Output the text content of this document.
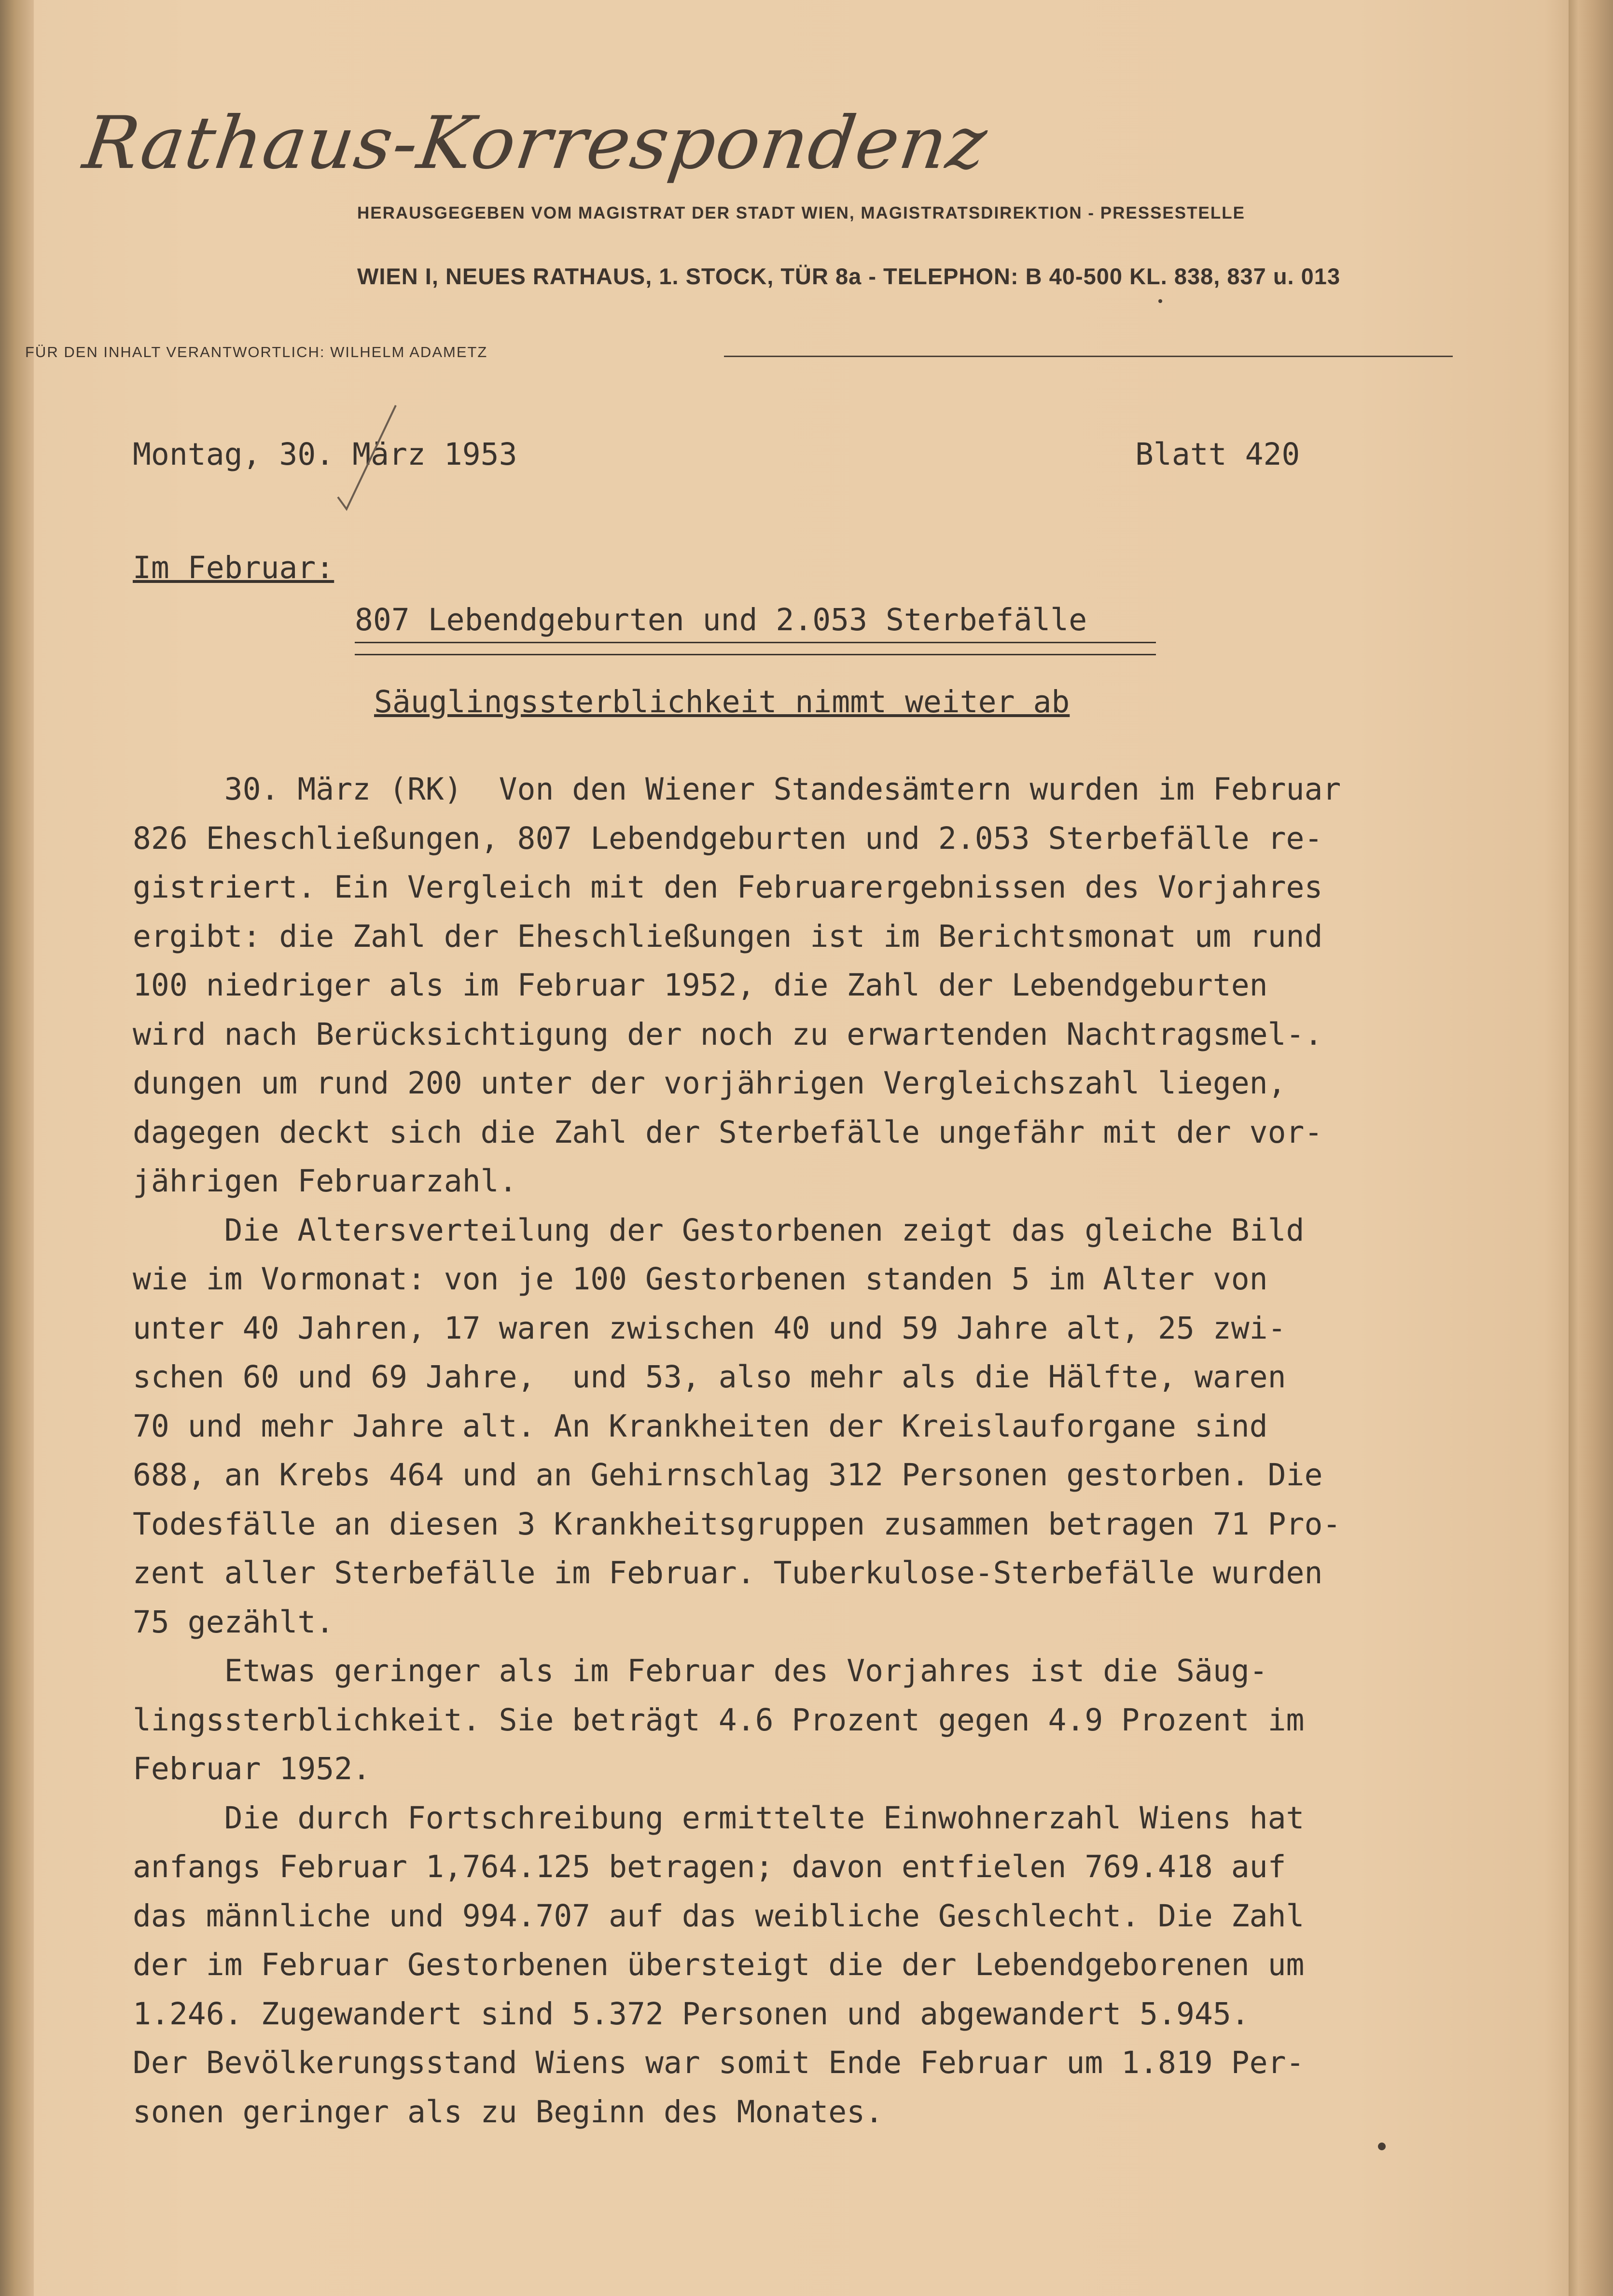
Rathaus-Korrespondenz
HERAUSGEGEBEN VOM MAGISTRAT DER STADT WIEN, MAGISTRATSDIREKTION - PRESSESTELLE
WIEN I, NEUES RATHAUS, 1. STOCK, TÜR 8a - TELEPHON: B 40-500 KL. 838, 837 u. 013
FÜR DEN INHALT VERANTWORTLICH: WILHELM ADAMETZ
Montag, 30. März 1953	Blatt 420
Im Februar:
807 Lebendgeburten und 2.053 Sterbefälle
Säuglingssterblichkeit nimmt weiter ab
30. März (RK)  Von den Wiener Standesämtern wurden im Februar
826 Eheschließungen, 807 Lebendgeburten und 2.053 Sterbefälle re-
gistriert. Ein Vergleich mit den Februarergebnissen des Vorjahres
ergibt: die Zahl der Eheschließungen ist im Berichtsmonat um rund
100 niedriger als im Februar 1952, die Zahl der Lebendgeburten
wird nach Berücksichtigung der noch zu erwartenden Nachtragsmel-.
dungen um rund 200 unter der vorjährigen Vergleichszahl liegen,
dagegen deckt sich die Zahl der Sterbefälle ungefähr mit der vor-
jährigen Februarzahl.
Die Altersverteilung der Gestorbenen zeigt das gleiche Bild
wie im Vormonat: von je 100 Gestorbenen standen 5 im Alter von
unter 40 Jahren, 17 waren zwischen 40 und 59 Jahre alt, 25 zwi-
schen 60 und 69 Jahre,  und 53, also mehr als die Hälfte, waren
70 und mehr Jahre alt. An Krankheiten der Kreislauforgane sind
688, an Krebs 464 und an Gehirnschlag 312 Personen gestorben. Die
Todesfälle an diesen 3 Krankheitsgruppen zusammen betragen 71 Pro-
zent aller Sterbefälle im Februar. Tuberkulose-Sterbefälle wurden
75 gezählt.
Etwas geringer als im Februar des Vorjahres ist die Säug-
lingssterblichkeit. Sie beträgt 4.6 Prozent gegen 4.9 Prozent im
Februar 1952.
Die durch Fortschreibung ermittelte Einwohnerzahl Wiens hat
anfangs Februar 1,764.125 betragen; davon entfielen 769.418 auf
das männliche und 994.707 auf das weibliche Geschlecht. Die Zahl
der im Februar Gestorbenen übersteigt die der Lebendgeborenen um
1.246. Zugewandert sind 5.372 Personen und abgewandert 5.945.
Der Bevölkerungsstand Wiens war somit Ende Februar um 1.819 Per-
sonen geringer als zu Beginn des Monates.
